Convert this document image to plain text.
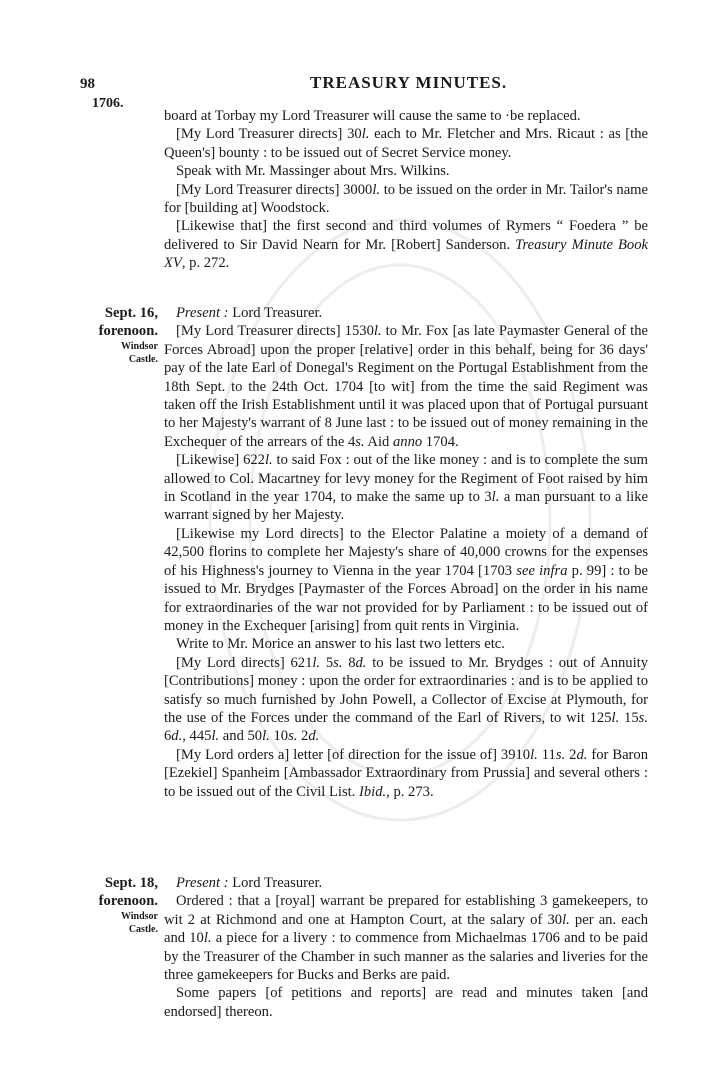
98	TREASURY MINUTES.
1706.

board at Torbay my Lord Treasurer will cause the same to ·be replaced.

[My Lord Treasurer directs] 30l. each to Mr. Fletcher and Mrs. Ricaut : as [the Queen's] bounty : to be issued out of Secret Service money.

Speak with Mr. Massinger about Mrs. Wilkins.

[My Lord Treasurer directs] 3000l. to be issued on the order in Mr. Tailor's name for [building at] Woodstock.

[Likewise that] the first second and third volumes of Rymers “ Foedera ” be delivered to Sir David Nearn for Mr. [Robert] Sanderson. Treasury Minute Book XV, p. 272.

Sept. 16,
forenoon.
Windsor
Castle.

Present : Lord Treasurer.

[My Lord Treasurer directs] 1530l. to Mr. Fox [as late Paymaster General of the Forces Abroad] upon the proper [relative] order in this behalf, being for 36 days' pay of the late Earl of Donegal's Regiment on the Portugal Establishment from the 18th Sept. to the 24th Oct. 1704 [to wit] from the time the said Regiment was taken off the Irish Establishment until it was placed upon that of Portugal pursuant to her Majesty's warrant of 8 June last : to be issued out of money remaining in the Exchequer of the arrears of the 4s. Aid anno 1704.

[Likewise] 622l. to said Fox : out of the like money : and is to complete the sum allowed to Col. Macartney for levy money for the Regiment of Foot raised by him in Scotland in the year 1704, to make the same up to 3l. a man pursuant to a like warrant signed by her Majesty.

[Likewise my Lord directs] to the Elector Palatine a moiety of a demand of 42,500 florins to complete her Majesty's share of 40,000 crowns for the expenses of his Highness's journey to Vienna in the year 1704 [1703 see infra p. 99] : to be issued to Mr. Brydges [Paymaster of the Forces Abroad] on the order in his name for extraordinaries of the war not provided for by Parliament : to be issued out of money in the Exchequer [arising] from quit rents in Virginia.

Write to Mr. Morice an answer to his last two letters etc.

[My Lord directs] 621l. 5s. 8d. to be issued to Mr. Brydges : out of Annuity [Contributions] money : upon the order for extraordinaries : and is to be applied to satisfy so much furnished by John Powell, a Collector of Excise at Plymouth, for the use of the Forces under the command of the Earl of Rivers, to wit 125l. 15s. 6d., 445l. and 50l. 10s. 2d.

[My Lord orders a] letter [of direction for the issue of] 3910l. 11s. 2d. for Baron [Ezekiel] Spanheim [Ambassador Extraordinary from Prussia] and several others : to be issued out of the Civil List. Ibid., p. 273.

Sept. 18,
forenoon.
Windsor
Castle.

Present : Lord Treasurer.

Ordered : that a [royal] warrant be prepared for establishing 3 gamekeepers, to wit 2 at Richmond and one at Hampton Court, at the salary of 30l. per an. each and 10l. a piece for a livery : to commence from Michaelmas 1706 and to be paid by the Treasurer of the Chamber in such manner as the salaries and liveries for the three gamekeepers for Bucks and Berks are paid.

Some papers [of petitions and reports] are read and minutes taken [and endorsed] thereon.
